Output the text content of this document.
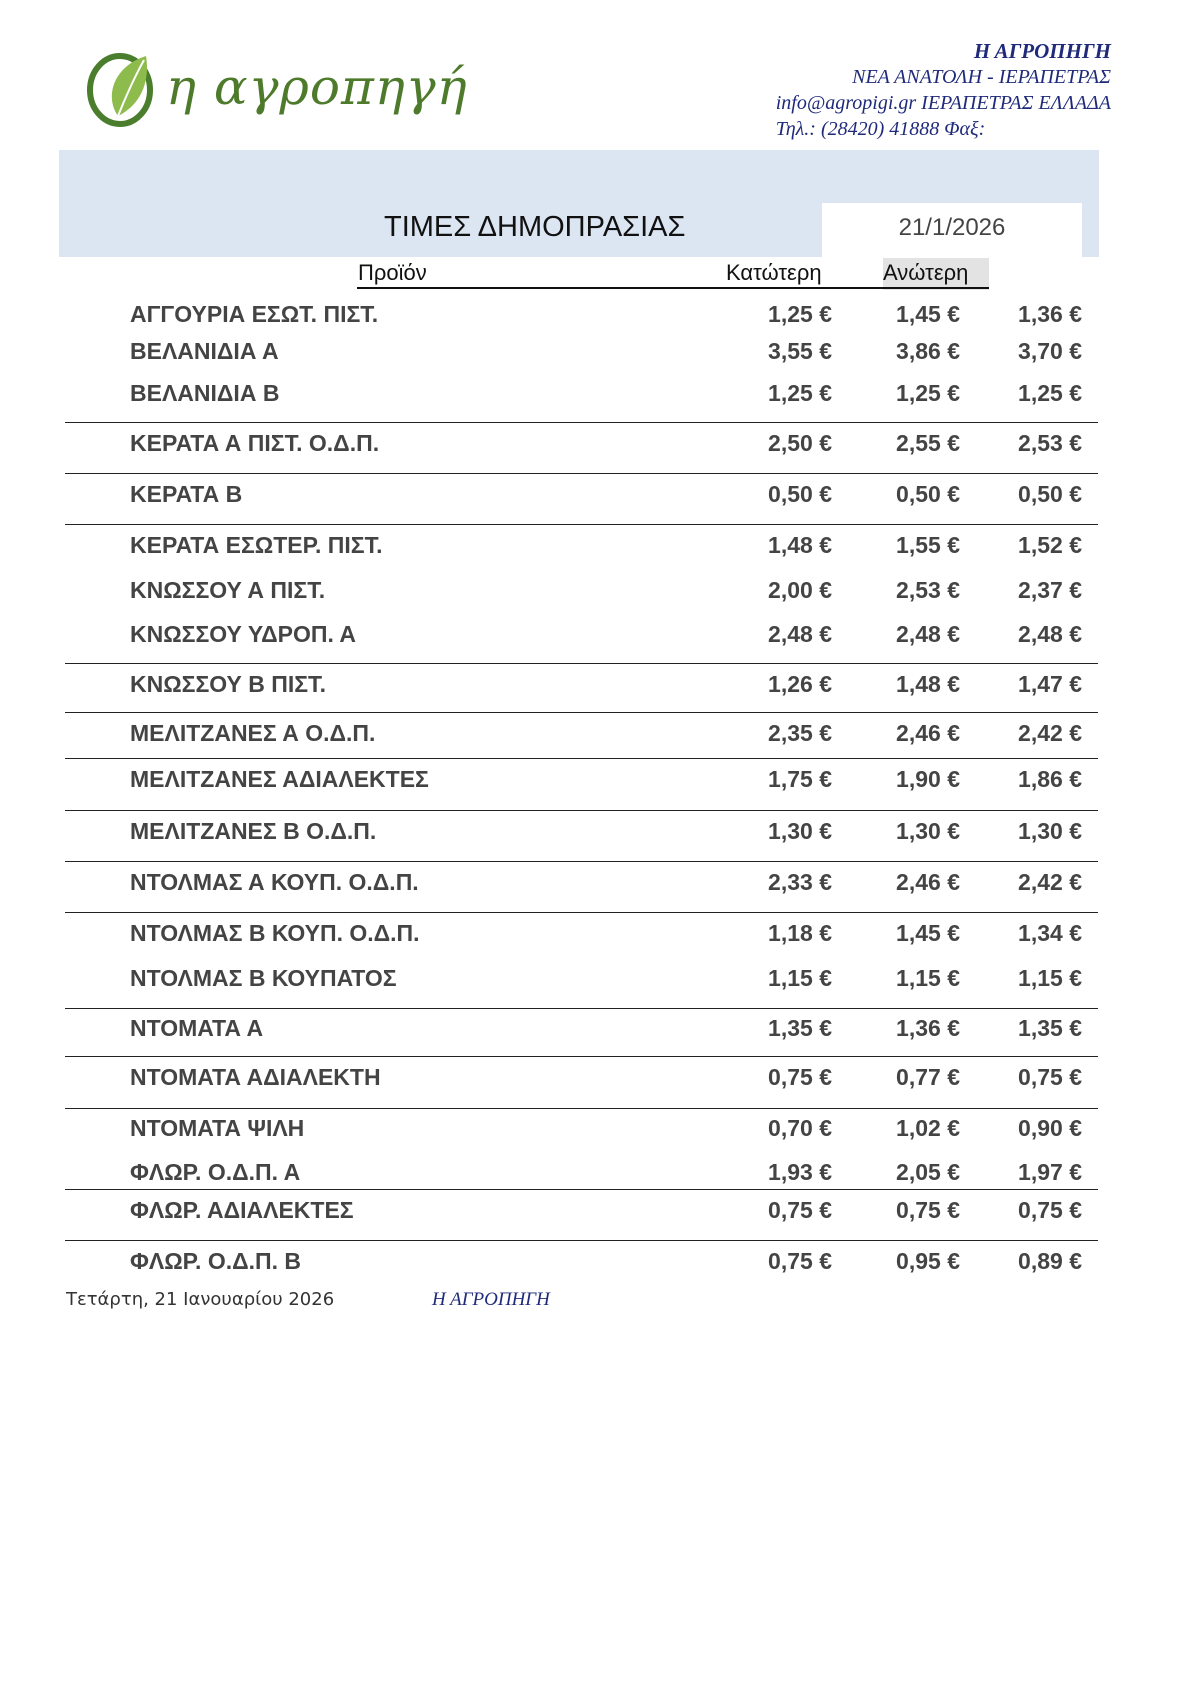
η αγροπηγή
Η ΑΓΡΟΠΗΓΗ
ΝΕΑ ΑΝΑΤΟΛΗ - ΙΕΡΑΠΕΤΡΑΣ
info@agropigi.gr ΙΕΡΑΠΕΤΡΑΣ ΕΛΛΑΔΑ
Τηλ.: (28420) 41888 Φαξ:
21/1/2026
ΤΙΜΕΣ ΔΗΜΟΠΡΑΣΙΑΣ
Προϊόν	Κατώτερη	Ανώτερη
ΑΓΓΟΥΡΙΑ ΕΣΩΤ. ΠΙΣΤ.	1,25 €	1,45 €	1,36 €
ΒΕΛΑΝΙΔΙΑ Α	3,55 €	3,86 €	3,70 €
ΒΕΛΑΝΙΔΙΑ Β	1,25 €	1,25 €	1,25 €
ΚΕΡΑΤΑ Α ΠΙΣΤ. Ο.Δ.Π.	2,50 €	2,55 €	2,53 €
ΚΕΡΑΤΑ Β	0,50 €	0,50 €	0,50 €
ΚΕΡΑΤΑ ΕΣΩΤΕΡ. ΠΙΣΤ.	1,48 €	1,55 €	1,52 €
ΚΝΩΣΣΟΥ Α ΠΙΣΤ.	2,00 €	2,53 €	2,37 €
ΚΝΩΣΣΟΥ ΥΔΡΟΠ. Α	2,48 €	2,48 €	2,48 €
ΚΝΩΣΣΟΥ Β ΠΙΣΤ.	1,26 €	1,48 €	1,47 €
ΜΕΛΙΤΖΑΝΕΣ Α Ο.Δ.Π.	2,35 €	2,46 €	2,42 €
ΜΕΛΙΤΖΑΝΕΣ ΑΔΙΑΛΕΚΤΕΣ	1,75 €	1,90 €	1,86 €
ΜΕΛΙΤΖΑΝΕΣ Β Ο.Δ.Π.	1,30 €	1,30 €	1,30 €
ΝΤΟΛΜΑΣ Α ΚΟΥΠ. Ο.Δ.Π.	2,33 €	2,46 €	2,42 €
ΝΤΟΛΜΑΣ Β ΚΟΥΠ. Ο.Δ.Π.	1,18 €	1,45 €	1,34 €
ΝΤΟΛΜΑΣ Β ΚΟΥΠΑΤΟΣ	1,15 €	1,15 €	1,15 €
ΝΤΟΜΑΤΑ Α	1,35 €	1,36 €	1,35 €
ΝΤΟΜΑΤΑ ΑΔΙΑΛΕΚΤΗ	0,75 €	0,77 €	0,75 €
ΝΤΟΜΑΤΑ ΨΙΛΗ	0,70 €	1,02 €	0,90 €
ΦΛΩΡ. Ο.Δ.Π. Α	1,93 €	2,05 €	1,97 €
ΦΛΩΡ. ΑΔΙΑΛΕΚΤΕΣ	0,75 €	0,75 €	0,75 €
ΦΛΩΡ. Ο.Δ.Π. Β	0,75 €	0,95 €	0,89 €
Τετάρτη, 21 Ιανουαρίου 2026	Η ΑΓΡΟΠΗΓΗ
